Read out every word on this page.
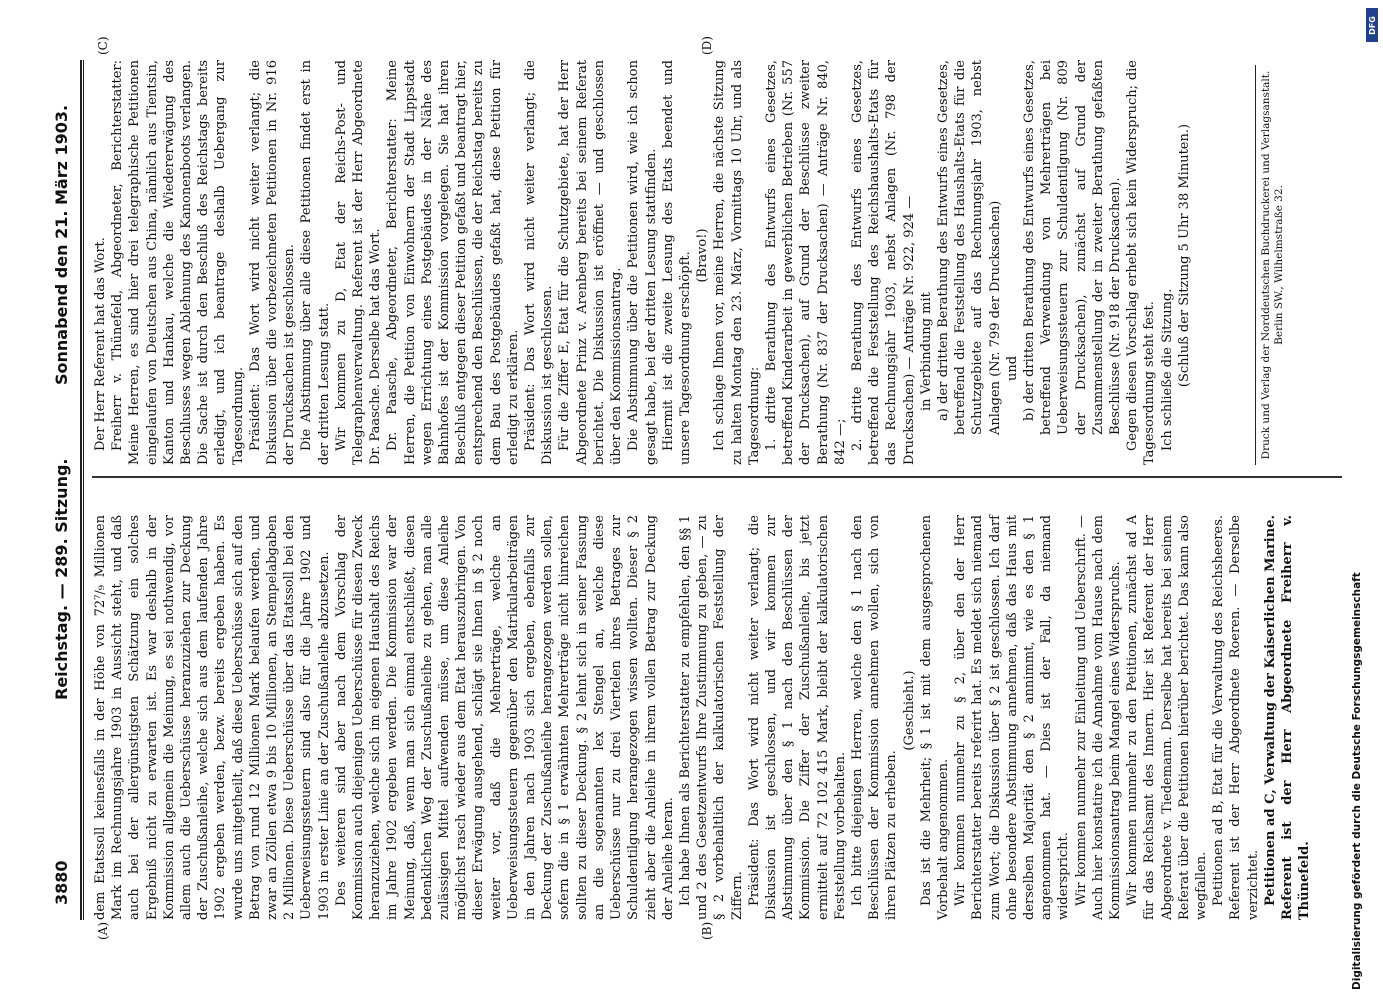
3880
Reichstag. — 289. Sitzung.
Sonnabend den 21. März 1903.
(A)	(B)
(C)	(D)

dem Etatssoll keinesfalls in der Höhe von 72⁷/₉ Millionen Mark im Rechnungsjahre 1903 in Aussicht steht, und daß auch bei der allergünstigsten Schätzung ein solches Ergebniß nicht zu erwarten ist. Es war deshalb in der Kommission allgemein die Meinung, es sei nothwendig, vor allem auch die Ueberschüsse heranzuziehen zur Deckung der Zuschußanleihe, welche sich aus dem laufenden Jahre 1902 ergeben werden, bezw. bereits ergeben haben. Es wurde uns mitgetheilt, daß diese Ueberschüsse sich auf den Betrag von rund 12 Millionen Mark belaufen werden, und zwar an Zöllen etwa 9 bis 10 Millionen, an Stempelabgaben 2 Millionen. Diese Ueberschüsse über das Etatssoll bei den Ueberweisungssteuern sind also für die Jahre 1902 und 1903 in erster Linie an der Zuschußanleihe abzusetzen. Des weiteren sind aber nach dem Vorschlag der Kommission auch diejenigen Ueberschüsse für diesen Zweck heranzuziehen, welche sich im eigenen Haushalt des Reichs im Jahre 1902 ergeben werden. Die Kommission war der Meinung, daß, wenn man sich einmal entschließt, diesen bedenklichen Weg der Zuschußanleihe zu gehen, man alle zulässigen Mittel aufwenden müsse, um diese Anleihe möglichst rasch wieder aus dem Etat herauszubringen. Von dieser Erwägung ausgehend, schlägt sie Ihnen in § 2 noch weiter vor, daß die Mehrerträge, welche an Ueberweisungssteuern gegenüber den Matrikularbeiträgen in den Jahren nach 1903 sich ergeben, ebenfalls zur Deckung der Zuschußanleihe herangezogen werden sollen, sofern die in § 1 erwähnten Mehrerträge nicht hinreichen sollten zu dieser Deckung. § 2 lehnt sich in seiner Fassung an die sogenannten lex Stengel an, welche diese Ueberschüsse nur zu drei Viertelen ihres Betrages zur Schuldentilgung herangezogen wissen wollten. Dieser § 2 zieht aber die Anleihe in ihrem vollen Betrag zur Deckung der Anleihe heran. Ich habe Ihnen als Berichterstatter zu empfehlen, den §§ 1 und 2 des Gesetzentwurfs Ihre Zustimmung zu geben, — zu § 2 vorbehaltlich der kalkulatorischen Feststellung der Ziffern. Präsident: Das Wort wird nicht weiter verlangt; die Diskussion ist geschlossen, und wir kommen zur Abstimmung über den § 1 nach den Beschlüssen der Kommission. Die Ziffer der Zuschußanleihe, bis jetzt ermittelt auf 72 102 415 Mark, bleibt der kalkulatorischen Feststellung vorbehalten. Ich bitte diejenigen Herren, welche den § 1 nach den Beschlüssen der Kommission annehmen wollen, sich von ihren Plätzen zu erheben.

(Geschieht.) Das ist die Mehrheit; § 1 ist mit dem ausgesprochenen Vorbehalt angenommen. Wir kommen nunmehr zu § 2, über den der Herr Berichterstatter bereits referirt hat. Es meldet sich niemand zum Wort; die Diskussion über § 2 ist geschlossen. Ich darf ohne besondere Abstimmung annehmen, daß das Haus mit derselben Majorität den § 2 annimmt, wie es den § 1 angenommen hat. — Dies ist der Fall, da niemand widerspricht. Wir kommen nunmehr zur Einleitung und Ueberschrift. — Auch hier konstatire ich die Annahme vom Hause nach dem Kommissionsantrag beim Mangel eines Widerspruchs. Wir kommen nunmehr zu den Petitionen, zunächst ad A für das Reichsamt des Innern. Hier ist Referent der Herr Abgeordnete v. Tiedemann. Derselbe hat bereits bei seinem Referat über die Petitionen hierüber berichtet. Das kann also wegfallen. Petitionen ad B, Etat für die Verwaltung des Reichsheeres. Referent ist der Herr Abgeordnete Roeren. — Derselbe verzichtet. Petitionen ad C, Verwaltung der Kaiserlichen Marine. Referent ist der Herr Abgeordnete Freiherr v. Thünefeld.

Der Herr Referent hat das Wort. Freiherr v. Thünefeld, Abgeordneter, Berichterstatter: Meine Herren, es sind hier drei telegraphische Petitionen eingelaufen von Deutschen aus China, nämlich aus Tientsin, Kanton und Hankau, welche die Wiedererwägung des Beschlusses wegen Ablehnung des Kanonenboots verlangen. Die Sache ist durch den Beschluß des Reichstags bereits erledigt, und ich beantrage deshalb Uebergang zur Tagesordnung. Präsident: Das Wort wird nicht weiter verlangt; die Diskussion über die vorbezeichneten Petitionen in Nr. 916 der Drucksachen ist geschlossen. Die Abstimmung über alle diese Petitionen findet erst in der dritten Lesung statt. Wir kommen zu D, Etat der Reichs-Post- und Telegraphenverwaltung. Referent ist der Herr Abgeordnete Dr. Paasche. Derselbe hat das Wort. Dr. Paasche, Abgeordneter, Berichterstatter: Meine Herren, die Petition von Einwohnern der Stadt Lippstadt wegen Errichtung eines Postgebäudes in der Nähe des Bahnhofes ist der Kommission vorgelegen. Sie hat ihren Beschluß entgegen dieser Petition gefaßt und beantragt hier, entsprechend den Beschlüssen, die der Reichstag bereits zu dem Bau des Postgebäudes gefaßt hat, diese Petition für erledigt zu erklären. Präsident: Das Wort wird nicht weiter verlangt; die Diskussion ist geschlossen. Für die Ziffer E, Etat für die Schutzgebiete, hat der Herr Abgeordnete Prinz v. Arenberg bereits bei seinem Referat berichtet. Die Diskussion ist eröffnet — und geschlossen über den Kommissionsantrag. Die Abstimmung über die Petitionen wird, wie ich schon gesagt habe, bei der dritten Lesung stattfinden. Hiermit ist die zweite Lesung des Etats beendet und unsere Tagesordnung erschöpft. (Bravo!) Ich schlage Ihnen vor, meine Herren, die nächste Sitzung zu halten Montag den 23. März, Vormittags 10 Uhr, und als Tagesordnung: 1. dritte Berathung des Entwurfs eines Gesetzes, betreffend Kinderarbeit in gewerblichen Betrieben (Nr. 557 der Drucksachen), auf Grund der Beschlüsse zweiter Berathung (Nr. 837 der Drucksachen) — Anträge Nr. 840, 842 —; 2. dritte Berathung des Entwurfs eines Gesetzes, betreffend die Feststellung des Reichshaushalts-Etats für das Rechnungsjahr 1903, nebst Anlagen (Nr. 798 der Drucksachen) — Anträge Nr. 922, 924 — in Verbindung mit a) der dritten Berathung des Entwurfs eines Gesetzes, betreffend die Feststellung des Haushalts-Etats für die Schutzgebiete auf das Rechnungsjahr 1903, nebst Anlagen (Nr. 799 der Drucksachen) und b) der dritten Berathung des Entwurfs eines Gesetzes, betreffend Verwendung von Mehrerträgen bei Ueberweisungssteuern zur Schuldentilgung (Nr. 809 der Drucksachen), zunächst auf Grund der Zusammenstellung der in zweiter Berathung gefaßten Beschlüsse (Nr. 918 der Drucksachen). Gegen diesen Vorschlag erhebt sich kein Widerspruch; die Tagesordnung steht fest. Ich schließe die Sitzung. (Schluß der Sitzung 5 Uhr 38 Minuten.)	Druck und Verlag der Norddeutschen Buchdruckerei und Verlagsanstalt. Berlin SW., Wilhelmstraße 32.
DFG
Digitalisierung gefördert durch die Deutsche Forschungsgemeinschaft
